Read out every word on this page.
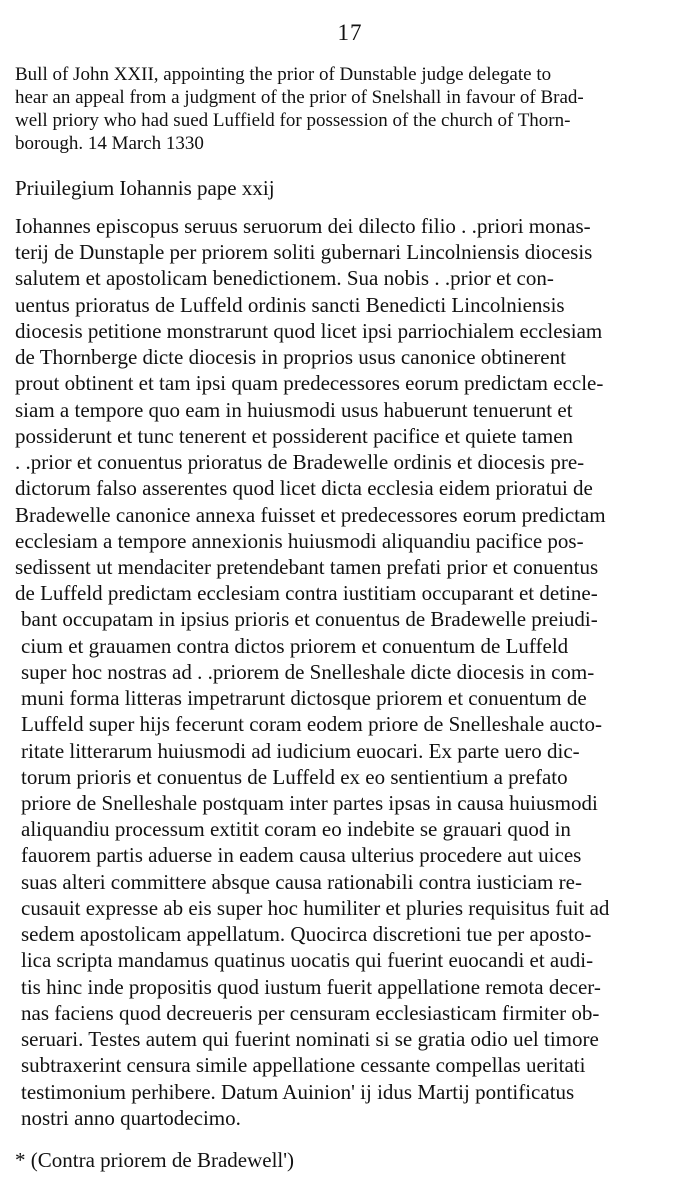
17
Bull of John XXII, appointing the prior of Dunstable judge delegate to
hear an appeal from a judgment of the prior of Snelshall in favour of Brad-
well priory who had sued Luffield for possession of the church of Thorn-
borough. 14 March 1330
Priuilegium Iohannis pape xxij
Iohannes episcopus seruus seruorum dei dilecto filio . .priori monas-
terij de Dunstaple per priorem soliti gubernari Lincolniensis diocesis
salutem et apostolicam benedictionem. Sua nobis . .prior et con-
uentus prioratus de Luffeld ordinis sancti Benedicti Lincolniensis
diocesis petitione monstrarunt quod licet ipsi parriochialem ecclesiam
de Thornberge dicte diocesis in proprios usus canonice obtinerent
prout obtinent et tam ipsi quam predecessores eorum predictam eccle-
siam a tempore quo eam in huiusmodi usus habuerunt tenuerunt et
possiderunt et tunc tenerent et possiderent pacifice et quiete tamen
. .prior et conuentus prioratus de Bradewelle ordinis et diocesis pre-
dictorum falso asserentes quod licet dicta ecclesia eidem prioratui de
Bradewelle canonice annexa fuisset et predecessores eorum predictam
ecclesiam a tempore annexionis huiusmodi aliquandiu pacifice pos-
sedissent ut mendaciter pretendebant tamen prefati prior et conuentus
de Luffeld predictam ecclesiam contra iustitiam occuparant et detine-
bant occupatam in ipsius prioris et conuentus de Bradewelle preiudi-
cium et grauamen contra dictos priorem et conuentum de Luffeld
super hoc nostras ad . .priorem de Snelleshale dicte diocesis in com-
muni forma litteras impetrarunt dictosque priorem et conuentum de
Luffeld super hijs fecerunt coram eodem priore de Snelleshale aucto-
ritate litterarum huiusmodi ad iudicium euocari. Ex parte uero dic-
torum prioris et conuentus de Luffeld ex eo sentientium a prefato
priore de Snelleshale postquam inter partes ipsas in causa huiusmodi
aliquandiu processum extitit coram eo indebite se grauari quod in
fauorem partis aduerse in eadem causa ulterius procedere aut uices
suas alteri committere absque causa rationabili contra iusticiam re-
cusauit expresse ab eis super hoc humiliter et pluries requisitus fuit ad
sedem apostolicam appellatum. Quocirca discretioni tue per aposto-
lica scripta mandamus quatinus uocatis qui fuerint euocandi et audi-
tis hinc inde propositis quod iustum fuerit appellatione remota decer-
nas faciens quod decreueris per censuram ecclesiasticam firmiter ob-
seruari. Testes autem qui fuerint nominati si se gratia odio uel timore
subtraxerint censura simile appellatione cessante compellas ueritati
testimonium perhibere. Datum Auinion' ij idus Martij pontificatus
nostri anno quartodecimo.
* (Contra priorem de Bradewell')
